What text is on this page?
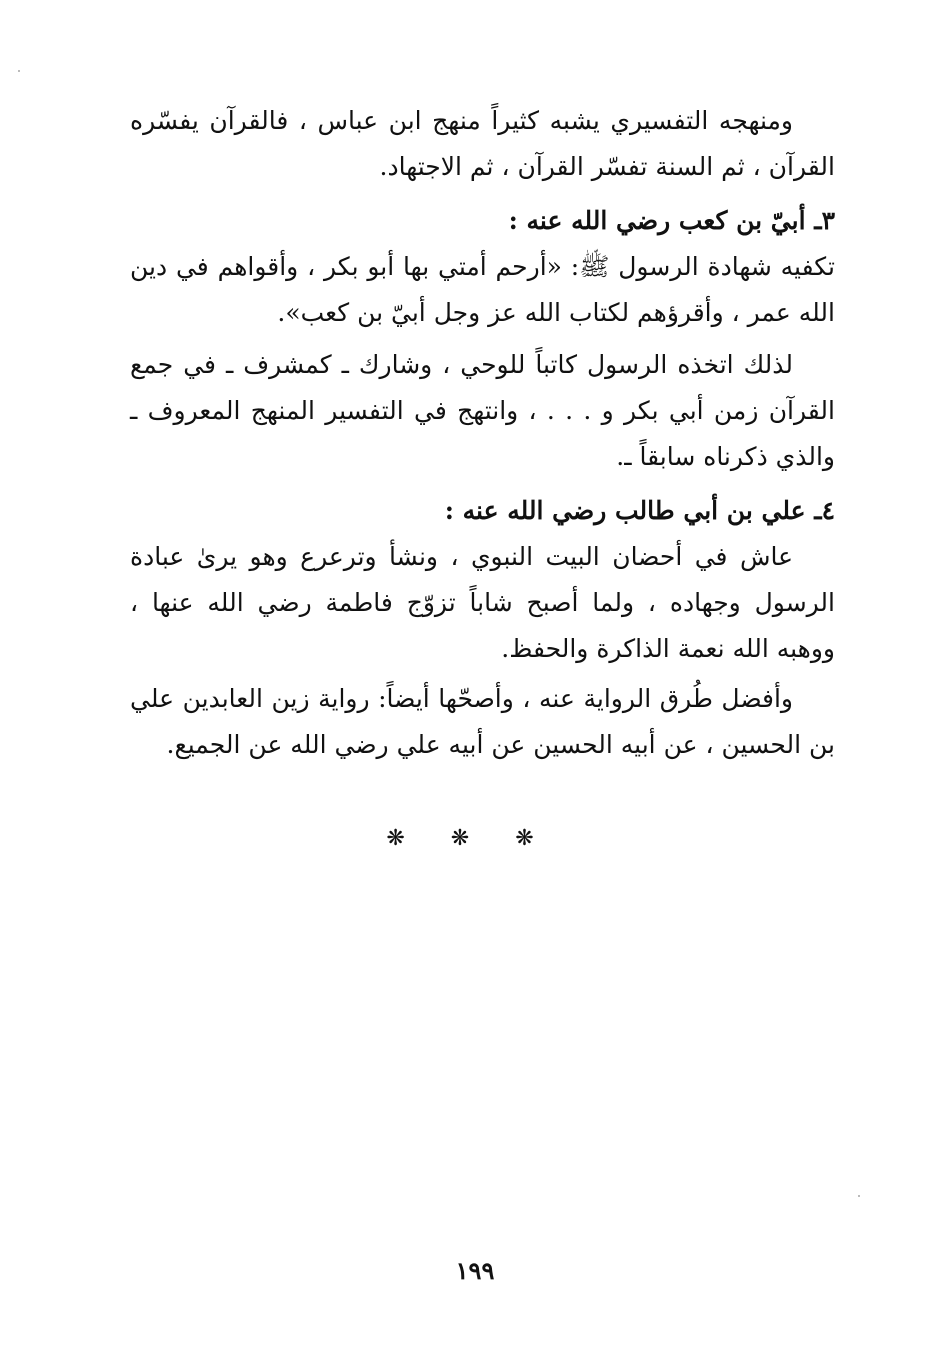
ومنهجه التفسيري يشبه كثيراً منهج ابن عباس ، فالقرآن يفسّره القرآن ، ثم السنة تفسّر القرآن ، ثم الاجتهاد.

٣ـ أبيّ بن كعب رضي الله عنه :

تكفيه شهادة الرسول ﷺ: «أرحم أمتي بها أبو بكر ، وأقواهم في دين الله عمر ، وأقرؤهم لكتاب الله عز وجل أبيّ بن كعب».

لذلك اتخذه الرسول كاتباً للوحي ، وشارك ـ كمشرف ـ في جمع القرآن زمن أبي بكر و . . . ، وانتهج في التفسير المنهج المعروف ـ والذي ذكرناه سابقاً ـ.

٤ـ علي بن أبي طالب رضي الله عنه :

عاش في أحضان البيت النبوي ، ونشأ وترعرع وهو يرىٰ عبادة الرسول وجهاده ، ولما أصبح شاباً تزوّج فاطمة رضي الله عنها ، ووهبه الله نعمة الذاكرة والحفظ.

وأفضل طُرق الرواية عنه ، وأصحّها أيضاً: رواية زين العابدين علي بن الحسين ، عن أبيه الحسين عن أبيه علي رضي الله عن الجميع.

❋ ❋ ❋
١٩٩
